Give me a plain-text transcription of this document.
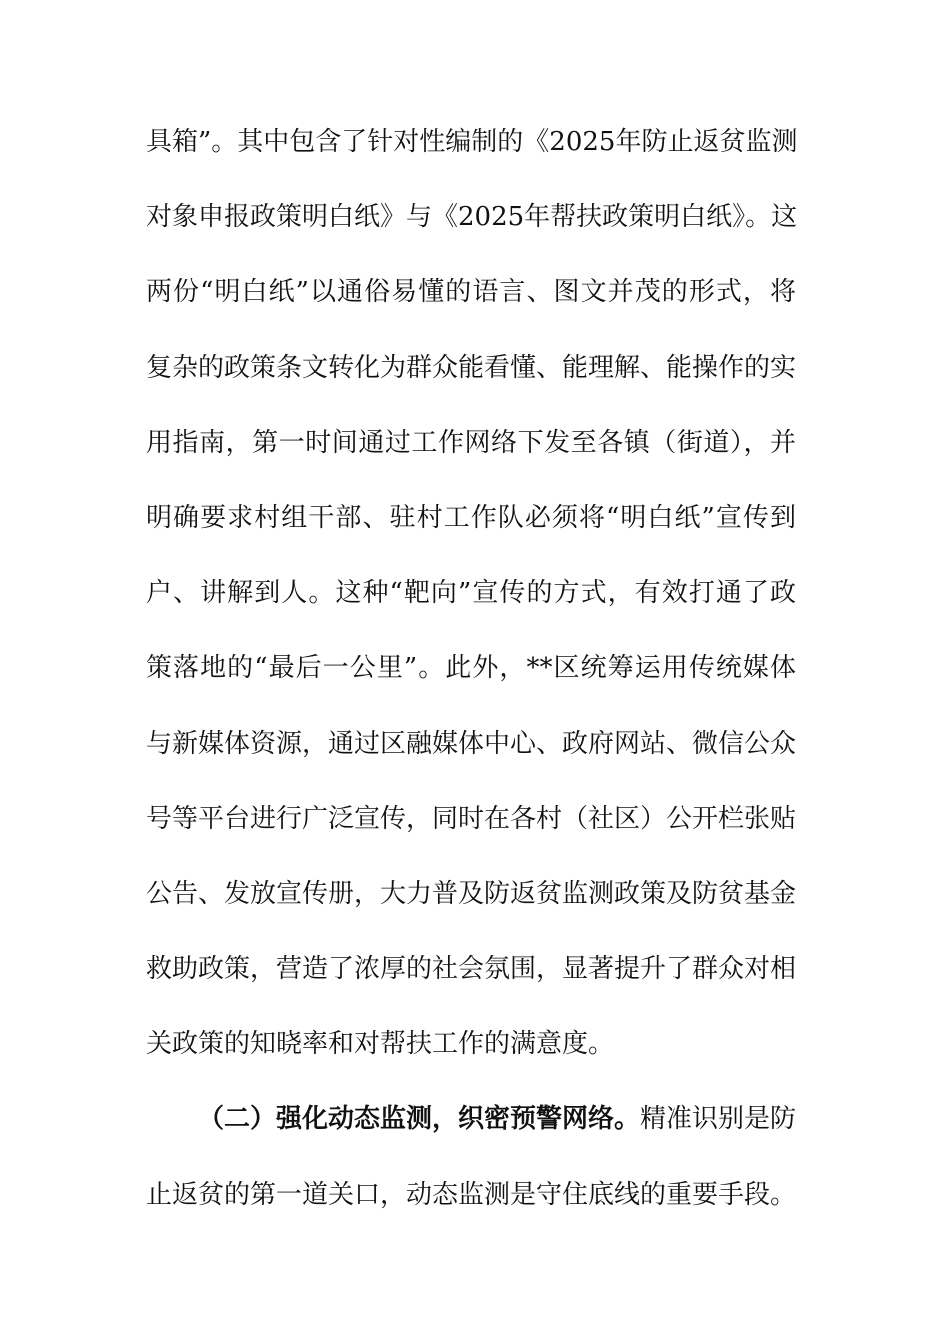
具箱”。其中包含了针对性编制的《2025年防止返贫监测
对象申报政策明白纸》与《2025年帮扶政策明白纸》。这
两份“明白纸”以通俗易懂的语言、图文并茂的形式，将
复杂的政策条文转化为群众能看懂、能理解、能操作的实
用指南，第一时间通过工作网络下发至各镇（街道），并
明确要求村组干部、驻村工作队必须将“明白纸”宣传到
户、讲解到人。这种“靶向”宣传的方式，有效打通了政
策落地的“最后一公里”。此外，**区统筹运用传统媒体
与新媒体资源，通过区融媒体中心、政府网站、微信公众
号等平台进行广泛宣传，同时在各村（社区）公开栏张贴
公告、发放宣传册，大力普及防返贫监测政策及防贫基金
救助政策，营造了浓厚的社会氛围，显著提升了群众对相
关政策的知晓率和对帮扶工作的满意度。
（二）强化动态监测，织密预警网络。精准识别是防
止返贫的第一道关口，动态监测是守住底线的重要手段。
